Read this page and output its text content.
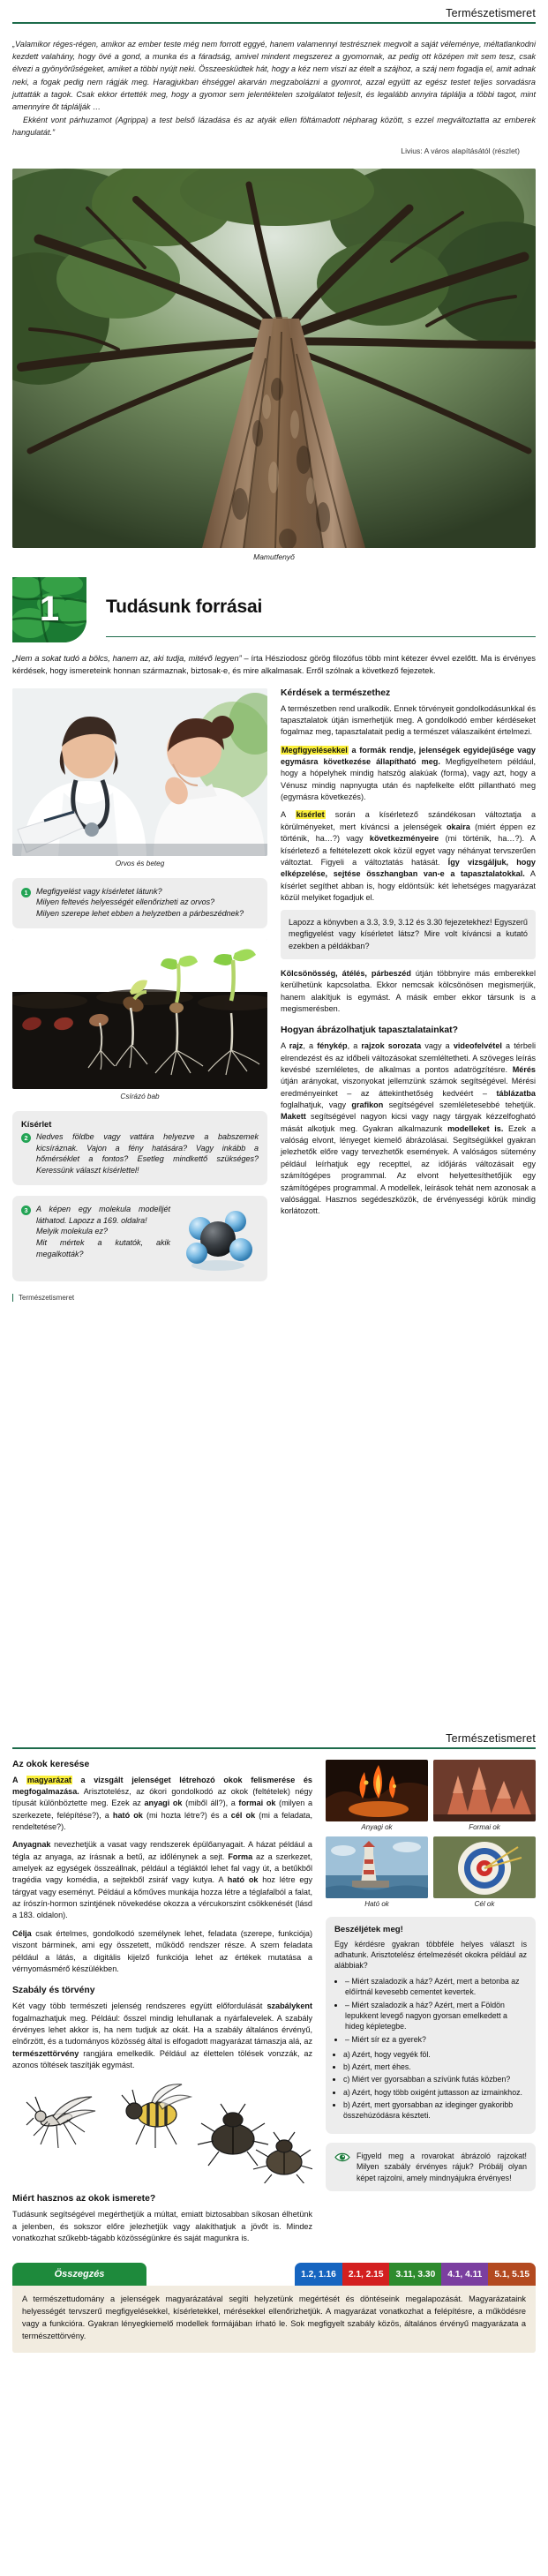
Természetismeret

„Valamikor réges-régen, amikor az ember teste még nem forrott eggyé, hanem valamennyi testrésznek megvolt a saját véleménye, méltatlankodni kezdett valahány, hogy övé a gond, a munka és a fáradság, amivel mindent megszerez a gyomornak, az pedig ott középen mit sem tesz, csak élvezi a gyönyörűségeket, amiket a többi nyújt neki. Összeesküdtek hát, hogy a kéz nem viszi az ételt a szájhoz, a száj nem fogadja el, amit adnak neki, a fogak pedig nem rágják meg. Haragjukban éhséggel akarván megzabolázni a gyomrot, azzal együtt az egész testet teljes sorvadásra juttatták a tagok. Csak ekkor értették meg, hogy a gyomor sem jelentéktelen szolgálatot teljesít, és legalább annyira táplálja a többi tagot, mint amennyire őt táplálják …

Ekként vont párhuzamot (Agrippa) a test belső lázadása és az atyák ellen föltámadott népharag között, s ezzel megváltoztatta az emberek hangulatát.”

Livius: A város alapításától (részlet)
Mamutfenyő
1	Tudásunk forrásai

„Nem a sokat tudó a bölcs, hanem az, aki tudja, mitévő legyen” – írta Hésziodosz görög filozófus több mint kétezer évvel ezelőtt. Ma is érvényes kérdések, hogy ismereteink honnan származnak, biztosak-e, és mire alkalmasak. Erről szólnak a következő fejezetek.

Orvos és beteg
1	Megfigyelést vagy kísérletet látunk?
Milyen feltevés helyességét ellenőrizheti az orvos?
Milyen szerepe lehet ebben a helyzetben a párbeszédnek?
Csírázó bab
Kísérlet
2	Nedves földbe vagy vattára helyezve a babszemek kicsíráznak. Vajon a fény hatására? Vagy inkább a hőmérséklet a fontos? Esetleg mindkettő szükséges? Keressünk választ kísérlettel!
3	A képen egy molekula modelljét láthatod. Lapozz a 169. oldalra!
Melyik molekula ez?
Mit mértek a kutatók, akik megalkották?
Természetismeret
Kérdések a természethez

A természetben rend uralkodik. Ennek törvényeit gondolkodásunkkal és tapasztalatok útján ismerhetjük meg. A gondolkodó ember kérdéseket fogalmaz meg, tapasztalatait pedig a természet válaszaiként értelmezi.

Megfigyelésekkel a formák rendje, jelenségek egyidejűsége vagy egymásra következése állapítható meg. Megfigyelhetem például, hogy a hópelyhek mindig hatszög alakúak (forma), vagy azt, hogy a Vénusz mindig napnyugta után és napfelkelte előtt pillantható meg (egymásra következés).

A kísérlet során a kísérletező szándékosan változtatja a körülményeket, mert kíváncsi a jelenségek okaira (miért éppen ez történik, ha…?) vagy következményeire (mi történik, ha…?). A kísérletező a feltételezett okok közül egyet vagy néhányat tervszerűen változtat. Figyeli a változtatás hatását. Így vizsgáljuk, hogy elképzelése, sejtése összhangban van-e a tapasztalatokkal. A kísérlet segíthet abban is, hogy eldöntsük: két lehetséges magyarázat közül melyiket fogadjuk el.

Lapozz a könyvben a 3.3, 3.9, 3.12 és 3.30 fejezetekhez! Egyszerű megfigyelést vagy kísérletet látsz? Mire volt kíváncsi a kutató ezekben a példákban?

Kölcsönösség, átélés, párbeszéd útján többnyire más emberekkel kerülhetünk kapcsolatba. Ekkor nemcsak kölcsönösen megismerjük, hanem alakítjuk is egymást. A másik ember ekkor társunk is a megismerésben.

Hogyan ábrázolhatjuk tapasztalatainkat?

A rajz, a fénykép, a rajzok sorozata vagy a videofelvétel a térbeli elrendezést és az időbeli változásokat szemléltetheti. A szöveges leírás kevésbé szemléletes, de alkalmas a pontos adatrögzítésre. Mérés útján arányokat, viszonyokat jellemzünk számok segítségével. Mérési eredményeinket – az áttekinthetőség kedvéért – táblázatba foglalhatjuk, vagy grafikon segítségével szemléletesebbé tehetjük. Makett segítségével nagyon kicsi vagy nagy tárgyak kézzelfogható mását alkotjuk meg. Gyakran alkalmazunk modelleket is. Ezek a valóság elvont, lényeget kiemelő ábrázolásai. Segítségükkel gyakran jelezhetők előre vagy tervezhetők események. A valóságos sütemény például leírhatjuk egy recepttel, az időjárás változásait egy számítógépes programmal. Az elvont helyettesíthetőjük egy számítógépes programmal. A modellek, leírások tehát nem azonosak a valósággal. Hasznos segédeszközök, de érvényességi körük mindig korlátozott.

Természetismeret
Az okok keresése

A magyarázat a vizsgált jelenséget létrehozó okok felismerése és megfogalmazása. Arisztotelész, az ókori gondolkodó az okok (feltételek) négy típusát különböztette meg. Ezek az anyagi ok (miből áll?), a formai ok (milyen a szerkezete, felépítése?), a ható ok (mi hozta létre?) és a cél ok (mi a feladata, rendeltetése?).

Anyagnak nevezhetjük a vasat vagy rendszerek épülőanyagait. A házat például a tégla az anyaga, az írásnak a betű, az időlénynek a sejt. Forma az a szerkezet, amelyek az egységek összeállnak, például a tégláktól lehet fal vagy út, a betűkből tragédia vagy komédia, a sejtekből zsiráf vagy kutya. A ható ok hoz létre egy tárgyat vagy eseményt. Például a kőműves munkája hozza létre a téglafalból a falat, az írószín-hormon szintjének növekedése okozza a vércukorszint csökkenését (lásd a 183. oldalon).

Célja csak értelmes, gondolkodó személynek lehet, feladata (szerepe, funkciója) viszont bárminek, ami egy összetett, működő rendszer része. A szem feladata például a látás, a digitális kijelző funkciója lehet az értékek mutatása a vérnyomásmérő készülékben.

Szabály és törvény

Két vagy több természeti jelenség rendszeres együtt előfordulását szabálykent fogalmazhatjuk meg. Például: ősszel mindig lehullanak a nyárfalevelek. A szabály érvényes lehet akkor is, ha nem tudjuk az okát. Ha a szabály általános érvényű, elnőrzött, és a tudományos közösség által is elfogadott magyarázat támaszja alá, az természettörvény rangjára emelkedik. Például az élettelen tölések vonzzák, az azonos töltések taszítják egymást.

Miért hasznos az okok ismerete?

Tudásunk segítségével megérthetjük a múltat, emiatt biztosabban síkosan élhetünk a jelenben, és sokszor előre jelezhetjük vagy alakíthatjuk a jövőt is. Mindez vonatkozhat szűkebb-tágabb közösségünkre és saját magunkra is.

Anyagi ok	Formai ok
Ható ok	Cél ok
Beszéljétek meg!

Egy kérdésre gyakran többféle helyes választ is adhatunk. Arisztotelész értelmezését okokra például az alábbiak?

• – Miért szaladozik a ház? Azért, mert a betonba az előírtnál kevesebb cementet kevertek.
• – Miért szaladozik a ház? Azért, mert a Földön lepukkent levegő nagyon gyorsan emelkedett a hideg képletegbe.
• – Miért sír ez a gyerek?
• a) Azért, hogy vegyék föl.
• b) Azért, mert éhes.
• c) Miért ver gyorsabban a szívünk futás közben?
• a) Azért, hogy több oxigént juttasson az izmainkhoz.
• b) Azért, mert gyorsabban az ideginger gyakoribb összehúzódásra készteti.
Figyeld meg a rovarokat ábrázoló rajzokat! Milyen szabály érvényes rájuk? Próbálj olyan képet rajzolni, amely mindnyájukra érvényes!
Összegzés	1.2, 1.16	2.1, 2.15	3.11, 3.30	4.1, 4.11	5.1, 5.15

A természettudomány a jelenségek magyarázatával segíti helyzetünk megértését és döntéseink megalapozását. Magyarázataink helyességét tervszerű megfigyelésekkel, kísérletekkel, mérésekkel ellenőrizhetjük. A magyarázat vonatkozhat a felépítésre, a működésre vagy a funkcióra. Gyakran lényegkiemelő modellek formájában írható le. Sok megfigyelt szabály közös, általános érvényű magyarázata a természettörvény.
